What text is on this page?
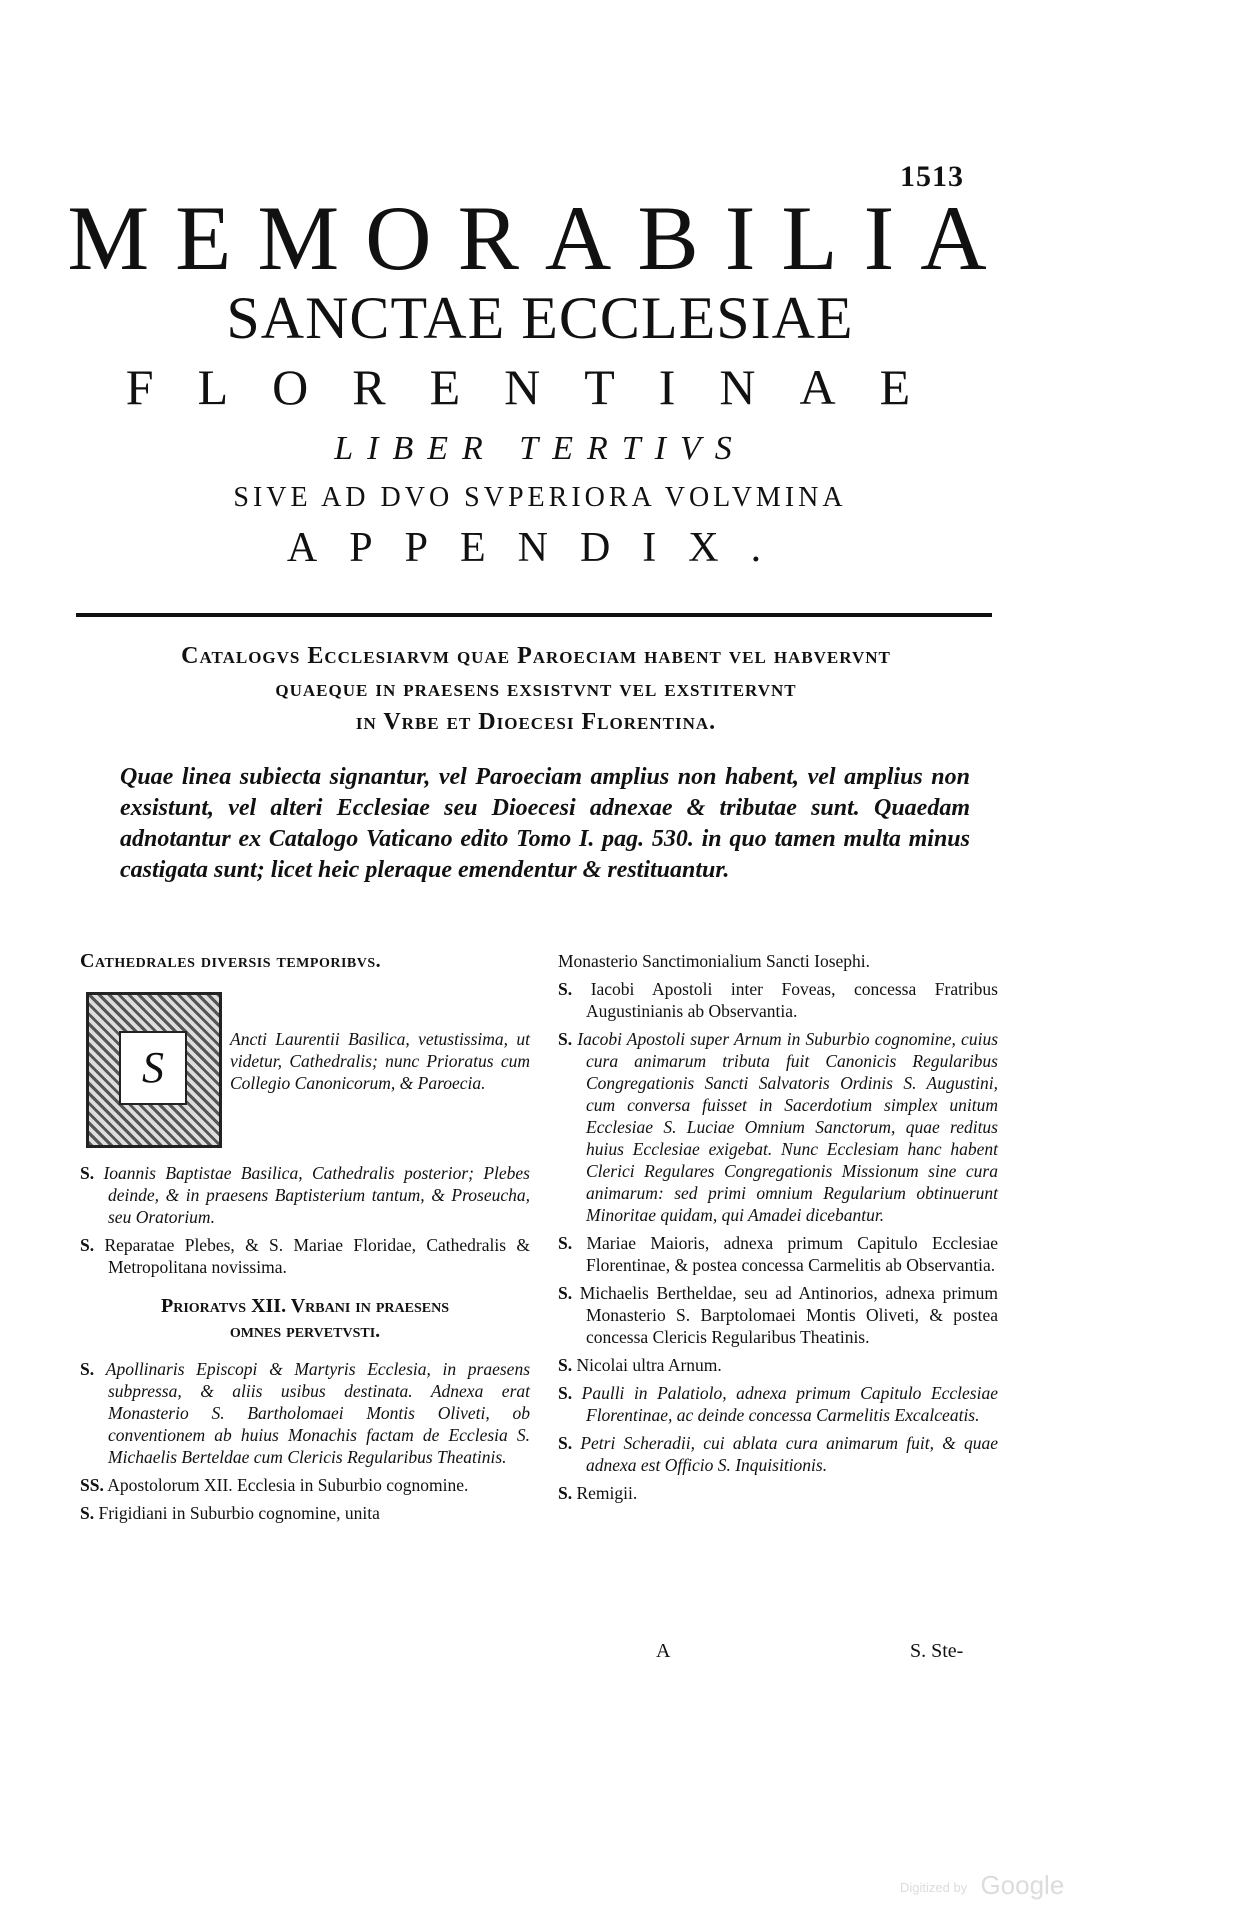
1513
MEMORABILIA
SANCTAE ECCLESIAE
FLORENTINAE
LIBER TERTIVS
SIVE AD DVO SVPERIORA VOLVMINA
APPENDIX.
Catalogvs Ecclesiarvm quae Paroeciam habent vel habvervnt
quaeque in praesens exsistvnt vel exstitervnt
in Vrbe et Dioecesi Florentina.
Quae linea subiecta signantur, vel Paroeciam amplius non habent, vel amplius non exsistunt, vel alteri Ecclesiae seu Dioecesi adnexae & tributae sunt. Quaedam adnotantur ex Catalogo Vaticano edito Tomo I. pag. 530. in quo tamen multa minus castigata sunt; licet heic pleraque emendentur & restituantur.
Cathedrales diversis temporibvs.
S
Ancti Laurentii Basilica, vetustissima, ut videtur, Cathedralis; nunc Prioratus cum Collegio Canonicorum, & Paroecia.
S. Ioannis Baptistae Basilica, Cathedralis posterior; Plebes deinde, & in praesens Baptisterium tantum, & Proseucha, seu Oratorium.
S. Reparatae Plebes, & S. Mariae Floridae, Cathedralis & Metropolitana novissima.
Prioratvs XII. Vrbani in praesens
omnes pervetvsti.
S. Apollinaris Episcopi & Martyris Ecclesia, in praesens subpressa, & aliis usibus destinata. Adnexa erat Monasterio S. Bartholomaei Montis Oliveti, ob conventionem ab huius Monachis factam de Ecclesia S. Michaelis Berteldae cum Clericis Regularibus Theatinis.
SS. Apostolorum XII. Ecclesia in Suburbio cognomine.
S. Frigidiani in Suburbio cognomine, unita
Monasterio Sanctimonialium Sancti Iosephi.
S. Iacobi Apostoli inter Foveas, concessa Fratribus Augustinianis ab Observantia.
S. Iacobi Apostoli super Arnum in Suburbio cognomine, cuius cura animarum tributa fuit Canonicis Regularibus Congregationis Sancti Salvatoris Ordinis S. Augustini, cum conversa fuisset in Sacerdotium simplex unitum Ecclesiae S. Luciae Omnium Sanctorum, quae reditus huius Ecclesiae exigebat. Nunc Ecclesiam hanc habent Clerici Regulares Congregationis Missionum sine cura animarum: sed primi omnium Regularium obtinuerunt Minoritae quidam, qui Amadei dicebantur.
S. Mariae Maioris, adnexa primum Capitulo Ecclesiae Florentinae, & postea concessa Carmelitis ab Observantia.
S. Michaelis Bertheldae, seu ad Antinorios, adnexa primum Monasterio S. Barptolomaei Montis Oliveti, & postea concessa Clericis Regularibus Theatinis.
S. Nicolai ultra Arnum.
S. Paulli in Palatiolo, adnexa primum Capitulo Ecclesiae Florentinae, ac deinde concessa Carmelitis Excalceatis.
S. Petri Scheradii, cui ablata cura animarum fuit, & quae adnexa est Officio S. Inquisitionis.
S. Remigii.
A	S. Ste-
Digitized by Google
